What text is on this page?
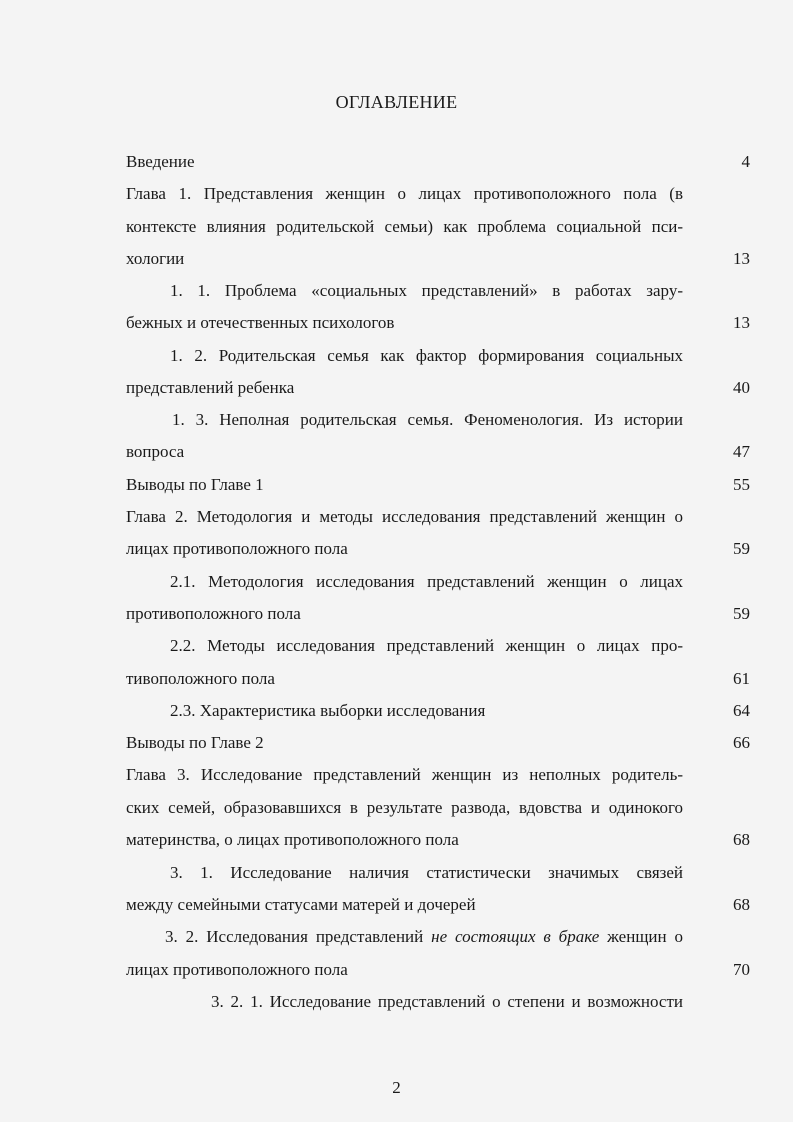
ОГЛАВЛЕНИЕ
Введение	4
Глава 1. Представления женщин о лицах противоположного пола (в
контексте влияния родительской семьи) как проблема социальной пси-
хологии	13
1. 1. Проблема «социальных представлений» в работах зару-
бежных и отечественных психологов	13
1. 2. Родительская семья как фактор формирования социальных
представлений ребенка	40
1. 3. Неполная родительская семья. Феноменология. Из истории
вопроса	47
Выводы по Главе 1	55
Глава 2. Методология и методы исследования представлений женщин о
лицах противоположного пола	59
2.1. Методология исследования представлений женщин о лицах
противоположного пола	59
2.2. Методы исследования представлений женщин о лицах про-
тивоположного пола	61
2.3. Характеристика выборки исследования	64
Выводы по Главе 2	66
Глава 3. Исследование представлений женщин из неполных родитель-
ских семей, образовавшихся в результате развода, вдовства и одинокого
материнства, о лицах противоположного пола	68
3. 1. Исследование наличия статистически значимых связей
между семейными статусами матерей и дочерей	68
3. 2. Исследования представлений не состоящих в браке женщин о
лицах противоположного пола	70
3. 2. 1. Исследование представлений о степени и возможности
2
